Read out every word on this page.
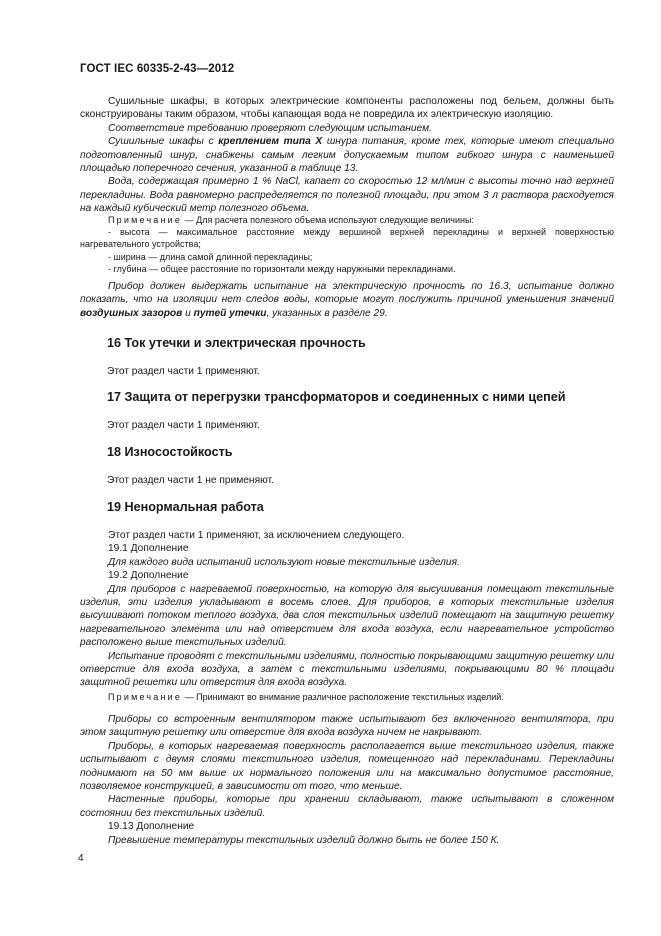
ГОСТ IEC 60335-2-43—2012

Сушильные шкафы, в которых электрические компоненты расположены под бельем, должны быть сконструированы таким образом, чтобы капающая вода не повредила их электрическую изоляцию.

Соответствие требованию проверяют следующим испытанием.

Сушильные шкафы с креплением типа X шнура питания, кроме тех, которые имеют специально подготовленный шнур, снабжены самым легким допускаемым типом гибкого шнура с наименьшей площадью поперечного сечения, указанной в таблице 13.

Вода, содержащая примерно 1 % NaCl, капает со скоростью 12 мл/мин с высоты точно над верхней перекладины. Вода равномерно распределяется по полезной площади, при этом 3 л раствора расходуется на каждый кубический метр полезного объема.

Примечание — Для расчета полезного объема используют следующие величины:
- высота — максимальное расстояние между вершиной верхней перекладины и верхней поверхностью нагревательного устройства;
- ширина — длина самой длинной перекладины;
- глубина — общее расстояние по горизонтали между наружными перекладинами.

Прибор должен выдержать испытание на электрическую прочность по 16.3, испытание должно показать, что на изоляции нет следов воды, которые могут послужить причиной уменьшения значений воздушных зазоров и путей утечки, указанных в разделе 29.

16 Ток утечки и электрическая прочность
Этот раздел части 1 применяют.
17 Защита от перегрузки трансформаторов и соединенных с ними цепей
Этот раздел части 1 применяют.
18 Износостойкость
Этот раздел части 1 не применяют.
19 Ненормальная работа

Этот раздел части 1 применяют, за исключением следующего.

19.1 Дополнение

Для каждого вида испытаний используют новые текстильные изделия.

19.2 Дополнение

Для приборов с нагреваемой поверхностью, на которую для высушивания помещают текстильные изделия, эти изделия укладывают в восемь слоев. Для приборов, в которых текстильные изделия высушивают потоком теплого воздуха, два слоя текстильных изделий помещают на защитную решетку нагревательного элемента или над отверстием для входа воздуха, если нагревательное устройство расположено выше текстильных изделий.

Испытание проводят с текстильными изделиями, полностью покрывающими защитную решетку или отверстие для входа воздуха, а затем с текстильными изделиями, покрывающими 80 % площади защитной решетки или отверстия для входа воздуха.

Примечание — Принимают во внимание различное расположение текстильных изделий.

Приборы со встроенным вентилятором также испытывают без включенного вентилятора, при этом защитную решетку или отверстие для входа воздуха ничем не накрывают.

Приборы, в которых нагреваемая поверхность располагается выше текстильного изделия, также испытывают с двумя слоями текстильного изделия, помещенного над перекладинами. Перекладины поднимают на 50 мм выше их нормального положения или на максимально допустимое расстояние, позволяемое конструкцией, в зависимости от того, что меньше.

Настенные приборы, которые при хранении складывают, также испытывают в сложенном состоянии без текстильных изделий.

19.13 Дополнение

Превышение температуры текстильных изделий должно быть не более 150 К.

4
